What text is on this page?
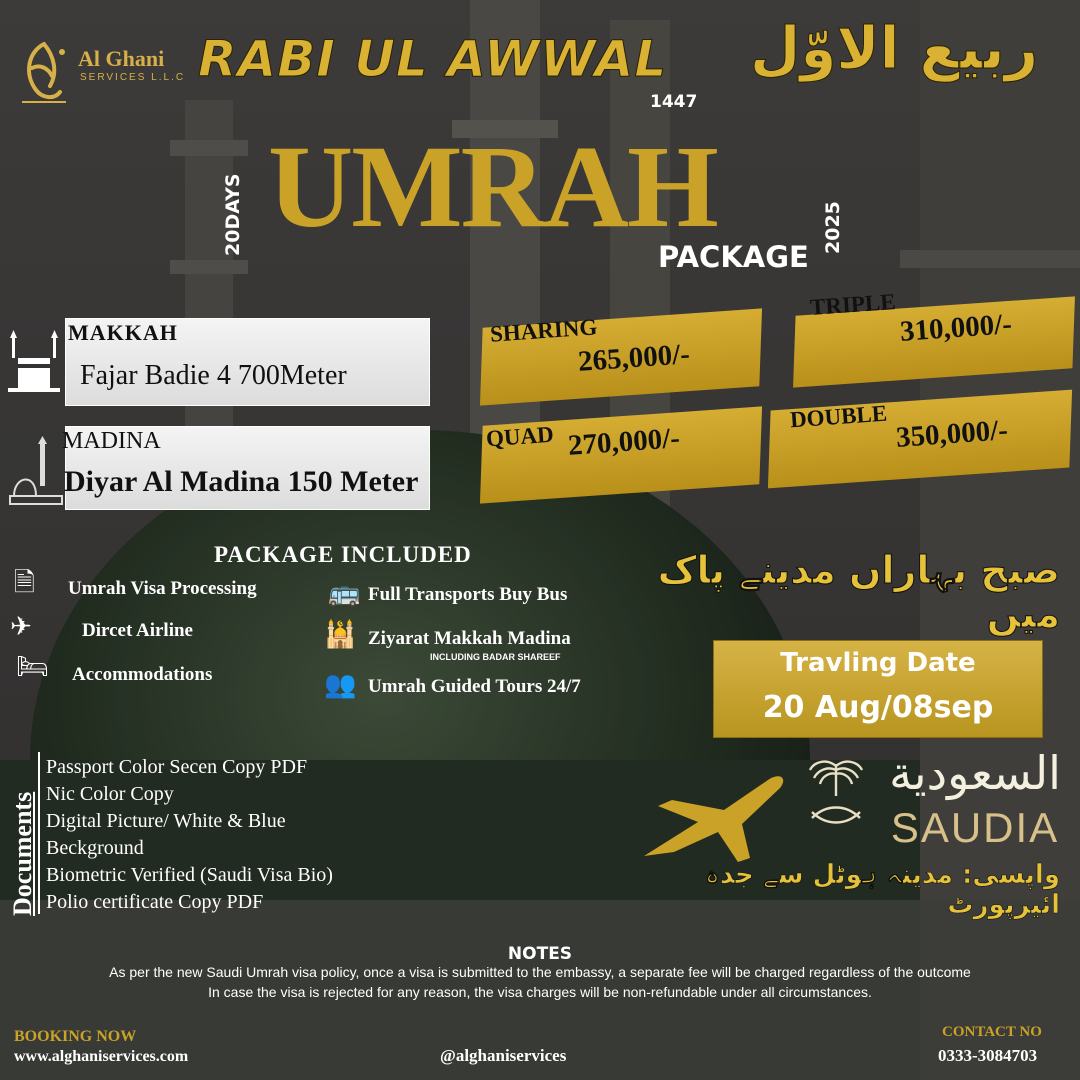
Al Ghani
SERVICES L.L.C RABI UL AWWAL ربیع الاوّل
1447
20DAYS UMRAH	2025
PACKAGE
MAKKAH
Fajar Badie 4 700Meter
MADINA
Diyar Al Madina 150 Meter
SHARING
265,000/-
TRIPLE
310,000/-
QUAD 270,000/-
DOUBLE 350,000/-
PACKAGE INCLUDED
🗎 Umrah Visa Processing
✈	Dircet Airline
🛏 Accommodations
🚌 Full Transports Buy Bus
🕌 Ziyarat Makkah Madina
INCLUDING BADAR SHAREEF
👥 Umrah Guided Tours 24/7
صبح بہاراں مدینے پاک میں
Travling Date
20 Aug/08sep
السعودية
SAUDIA
واپسی: مدینہ ہوٹل سے جدہ ائیرپورٹ
Documents
Passport Color Secen Copy PDF
Nic Color Copy
Digital Picture/ White & Blue
Beckground
Biometric Verified (Saudi Visa Bio)
Polio certificate Copy PDF
NOTES
As per the new Saudi Umrah visa policy, once a visa is submitted to the embassy, a separate fee will be charged regardless of the outcome
In case the visa is rejected for any reason, the visa charges will be non-refundable under all circumstances.
BOOKING NOW
www.alghaniservices.com	@alghaniservices
CONTACT NO
0333-3084703
